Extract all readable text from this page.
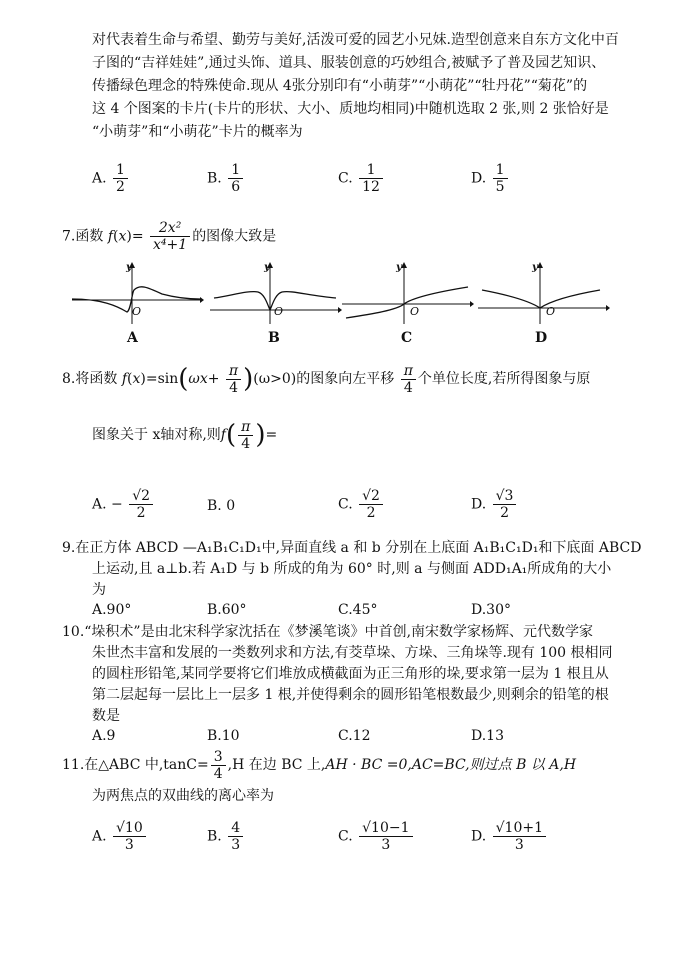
对代表着生命与希望、勤劳与美好,活泼可爱的园艺小兄妹.造型创意来自东方文化中百
子图的“吉祥娃娃”,通过头饰、道具、服装创意的巧妙组合,被赋予了普及园艺知识、
传播绿色理念的特殊使命.现从 4张分别印有“小萌芽”“小萌花”“牡丹花”“菊花”的
这 4 个图案的卡片(卡片的形状、大小、质地均相同)中随机选取 2 张,则 2 张恰好是
“小萌芽”和“小萌花”卡片的概率为
A. $\frac{1}{2}$	B. $\frac{1}{6}$	C. $\frac{1}{12}$	D. $\frac{1}{5}$
7.函数 $f(x)= \frac{\text{2x²}}{\text{x⁴+1}}$ 的图像大致是
y
O
A
y
O
B
y
O
C
y
O
D
8.将函数 $f(x)=\sin(\omega x+ \frac{\pi}{4} )(\omega>0)$的图象向左平移 $\frac{\pi}{4}$ 个单位长度,若所得图象与原
图象关于 x轴对称,则$f( \frac{\pi}{4}$ )=
A. − $\frac{√2}{2}$	B. 0	C. $\frac{√2}{2}$	D. $\frac{√3}{2}$
9.在正方体 ABCD —A₁B₁C₁D₁中,异面直线 a 和 b 分别在上底面 A₁B₁C₁D₁和下底面 ABCD
上运动,且 a⊥b.若 A₁D 与 b 所成的角为 60° 时,则 a 与侧面 ADD₁A₁所成角的大小
为
A.90°	B.60°	C.45°	D.30°
10.“垛积术”是由北宋科学家沈括在《梦溪笔谈》中首创,南宋数学家杨辉、元代数学家
朱世杰丰富和发展的一类数列求和方法,有茭草垛、方垛、三角垛等.现有 100 根相同
的圆柱形铅笔,某同学要将它们堆放成横截面为正三角形的垛,要求第一层为 1 根且从
第二层起每一层比上一层多 1 根,并使得剩余的圆形铅笔根数最少,则剩余的铅笔的根
数是
A.9	B.10	C.12	D.13
11.在△ABC 中$,\tan C= \frac{3}{4} ,H$ 在边 BC 上,AH · BC =0,AC=BC,则过点 B 以 A,H
为两焦点的双曲线的离心率为
A. $\frac{√10}{3}$	B. $\frac{4}{3}$	C. $\frac{√10-1}{3}$	D. $\frac{√10+1}{3}$
